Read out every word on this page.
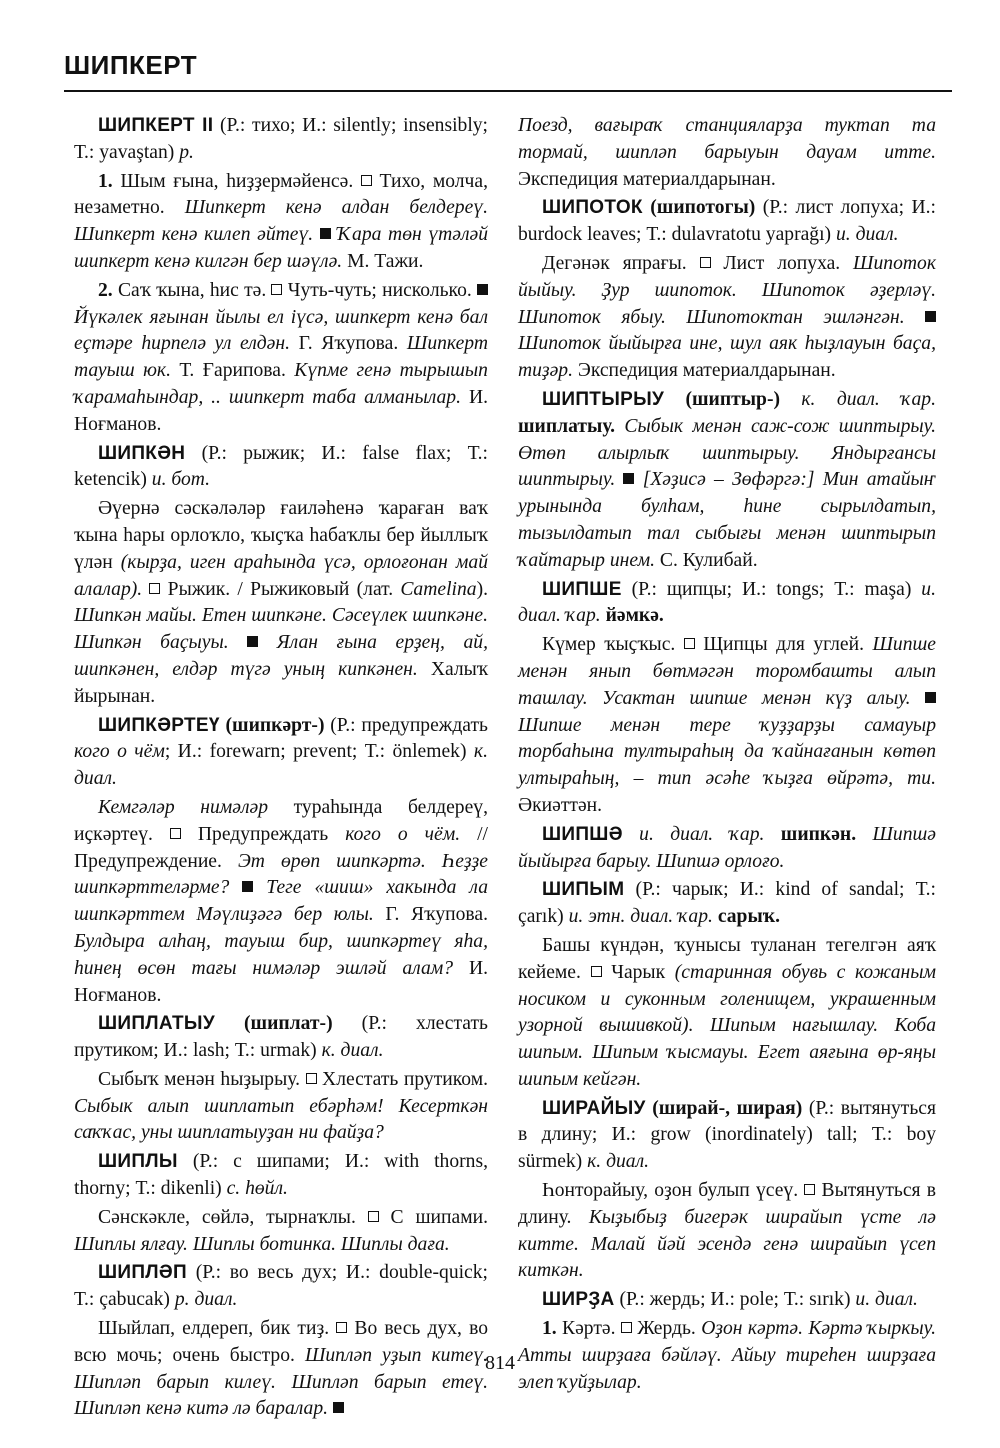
ШИПКЕРТ

ШИПКЕРТ II (Р.: тихо; И.: silently; insensibly; Т.: yavaştan) р.

1. Шым ғына, һиҙҙермәйенсә.  Тихо, молча, незаметно. Шипкерт кенә алдан белдереү. Шипкерт кенә килеп әйтеү.  Ҡара төн үтәләй шипкерт кенә килгән бер шәүлә. М. Тажи.

2. Саҡ ҡына, һис тә.  Чуть-чуть; нисколько.  Йүкәлек яғынан йылы ел іүсә, шипкерт кенә бал еҫтәре һирпелә ул елдән. Г. Яҡупова. Шипкерт тауыш юк. Т. Ғарипова. Күпме генә тырышып ҡарамаһындар, .. шипкерт таба алманылар. И. Ноғманов.

ШИПКӘН (Р.: рыжик; И.: false flax; Т.: ketencik) и. бот.

Әүернә сәскәләләр ғаиләһенә ҡараған ваҡ ҡына һары орлоҡло, ҡыҫҡа һабаҡлы бер йыллыҡ үлән (кырҙа, иген араһында үсә, орлоғонан май алалар).  Рыжик. / Рыжиковый (лат. Camelina). Шипкән майы. Етен шипкәне. Сәсеүлек шипкәне. Шипкән баҫыуы.  Ялан ғына ерҙең, ай, шипкәнен, елдәр түгә уның кипкәнен. Халыҡ йырынан.

ШИПКӘРТЕҮ (шипкәрт-) (Р.: предупреждать кого о чём; И.: forewarn; prevent; Т.: önlemek) к. диал.

Кемгәләр нимәләр тураһында белдереү, иҫкәртеү.  Предупреждать кого о чём. // Предупреждение. Эт өрөп шипкәртә. Һеҙҙе шипкәрттеләрме?  Теге «шиш» хакында ла шипкәрттем Мәүлиҙәгә бер юлы. Г. Яҡупова. Булдыра алһаң, тауыш бир, шипкәртеү яһа, һинең өсөн тағы нимәләр эшләй алам? И. Ноғманов.

ШИПЛАТЫУ (шиплат-) (Р.: хлестать прутиком; И.: lash; Т.: urmak) к. диал.

Сыбыҡ менән һыҙырыу.  Хлестать прутиком. Сыбык алып шиплатып ебәрһәм! Кесерткән саҡҡас, уны шиплатыуҙан ни файҙа?

ШИПЛЫ (Р.: с шипами; И.: with thorns, thorny; Т.: dikenli) с. һөйл.

Сәнскәкле, сөйлә, тырнаҡлы.  С шипами. Шиплы ялғау. Шиплы ботинка. Шиплы даға.

ШИПЛӘП (Р.: во весь дух; И.: double-quick; Т.: çabucak) р. диал.

Шыйлап, елдереп, бик тиҙ.  Во весь дух, во всю мочь; очень быстро. Шипләп уҙып китеү. Шипләп барып килеү. Шипләп барып етеү. Шипләп кенә китә лә баралар.

Поезд, вағыраҡ станцияларҙа туктап та тормай, шипләп барыуын дауам итте. Экспедиция материалдарынан.

ШИПОТОК (шипотогы) (Р.: лист лопуха; И.: burdock leaves; Т.: dulavratotu yaprağı) и. диал.

Дегәнәк япрағы.  Лист лопуха. Шипоток йыйыу. Ҙур шипоток. Шипоток әҙерләү. Шипоток ябыу. Шипотоктан эшләнгән.  Шипоток йыйырға ине, шул аяк һыҙлауын баҫа, тиҙәр. Экспедиция материалдарынан.

ШИПТЫРЫУ (шиптыр-) к. диал. ҡар. шиплатыу. Сыбык менән саж-сож шиптырыу. Өтөп алырлыҡ шиптырыу. Яндырғансы шиптырыу.  [Хәҙисә – Зөфәргә:] Мин атайыҥ урынында булһам, һине сырылдатып, тызылдатып тал сыбығы менән шиптырып ҡайтарыр инем. С. Кулибай.

ШИПШЕ (Р.: щипцы; И.: tongs; Т.: maşa) и. диал. ҡар. йәмкә.

Күмер ҡыҫҡыс.  Щипцы для углей. Шипше менән янып бөтмәгән торомбашты алып ташлау. Усактан шипше менән күҙ алыу.  Шипше менән тере ҡуҙҙарҙы самауыр торбаһына тултыраһың да ҡайнағанын көтөп ултыраһың, – тип әсәһе ҡыҙға өйрәтә, ти. Әкиәттән.

ШИПШӘ и. диал. ҡар. шипкән. Шипшә йыйырға барыу. Шипшә орлоғо.

ШИПЫМ (Р.: чарык; И.: kind of sandal; Т.: çarık) и. этн. диал. ҡар. сарыҡ.

Башы күндән, ҡунысы туланан тегелгән аяҡ кейеме.  Чарык (старинная обувь с кожаным носиком и суконным голенищем, украшенным узорной вышивкой). Шипым нағышлау. Коба шипым. Шипым ҡысмауы. Егет аяғына өр-яңы шипым кейгән.

ШИРАЙЫУ (ширай-, ширая) (Р.: вытянуться в длину; И.: grow (inordinately) tall; Т.: boy sürmek) к. диал.

Һонторайыу, оҙон булып үсеү.  Вытянуться в длину. Кыҙыбыҙ бигерәк ширайып үсте лә китте. Малай йәй эсендә генә ширайып үсеп киткән.

ШИРҘА (Р.: жердь; И.: pole; Т.: sırık) и. диал.

1. Кәртә.  Жердь. Оҙон кәртә. Кәртә ҡыркыу. Атты ширҙаға бәйләү. Айыу тиреһен ширҙаға элеп ҡуйҙылар.

814
